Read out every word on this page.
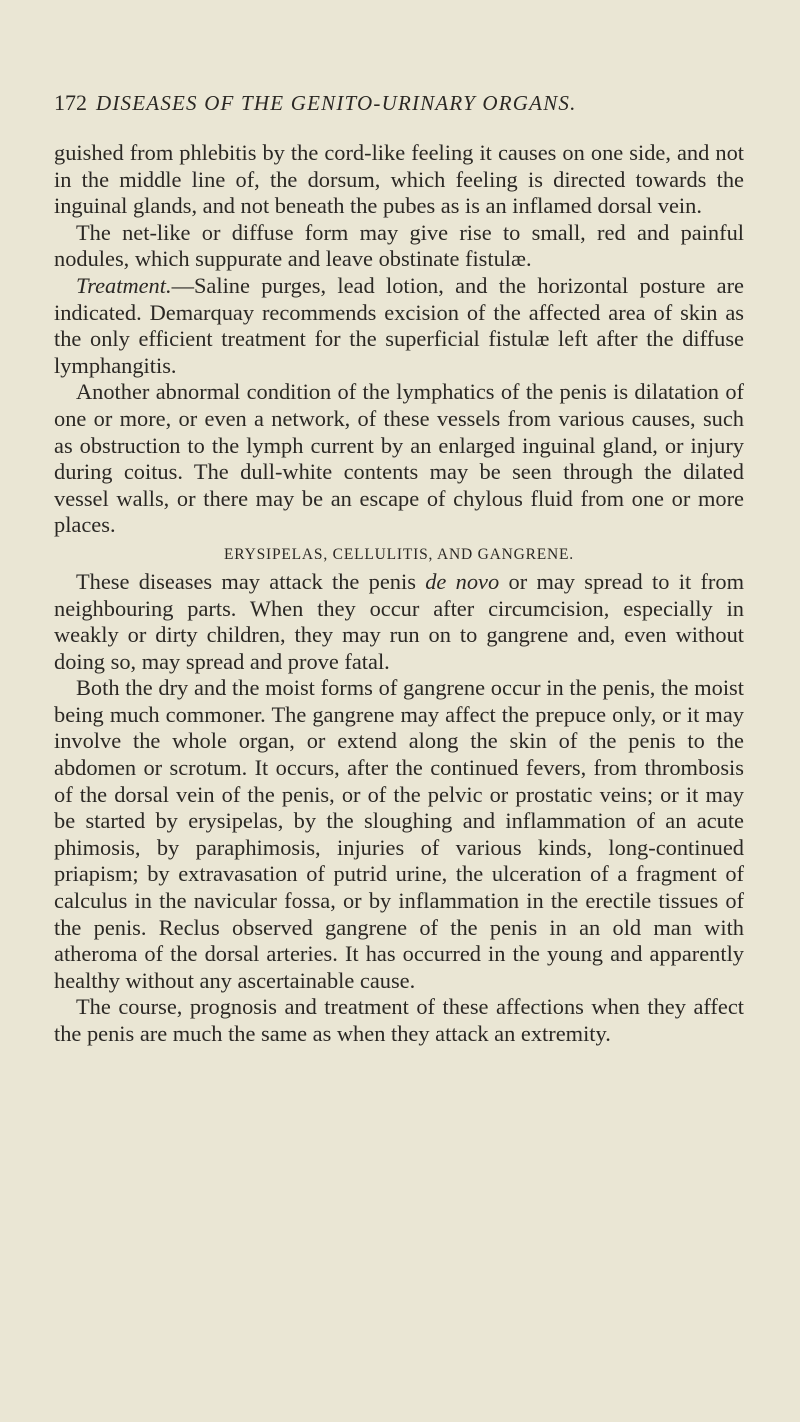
172 DISEASES OF THE GENITO-URINARY ORGANS.

guished from phlebitis by the cord-like feeling it causes on one side, and not in the middle line of, the dorsum, which feeling is directed towards the inguinal glands, and not beneath the pubes as is an inflamed dorsal vein.

The net-like or diffuse form may give rise to small, red and painful nodules, which suppurate and leave obstinate fistulæ.

Treatment.—Saline purges, lead lotion, and the horizontal posture are indicated. Demarquay recommends excision of the affected area of skin as the only efficient treatment for the superficial fistulæ left after the diffuse lymphangitis.

Another abnormal condition of the lymphatics of the penis is dilatation of one or more, or even a network, of these vessels from various causes, such as obstruction to the lymph current by an enlarged inguinal gland, or injury during coitus. The dull-white contents may be seen through the dilated vessel walls, or there may be an escape of chylous fluid from one or more places.

ERYSIPELAS, CELLULITIS, AND GANGRENE.

These diseases may attack the penis de novo or may spread to it from neighbouring parts. When they occur after circumcision, especially in weakly or dirty children, they may run on to gangrene and, even without doing so, may spread and prove fatal.

Both the dry and the moist forms of gangrene occur in the penis, the moist being much commoner. The gangrene may affect the prepuce only, or it may involve the whole organ, or extend along the skin of the penis to the abdomen or scrotum. It occurs, after the continued fevers, from thrombosis of the dorsal vein of the penis, or of the pelvic or prostatic veins; or it may be started by erysipelas, by the sloughing and inflammation of an acute phimosis, by paraphimosis, injuries of various kinds, long-continued priapism; by extravasation of putrid urine, the ulceration of a fragment of calculus in the navicular fossa, or by inflammation in the erectile tissues of the penis. Reclus observed gangrene of the penis in an old man with atheroma of the dorsal arteries. It has occurred in the young and apparently healthy without any ascertainable cause.

The course, prognosis and treatment of these affections when they affect the penis are much the same as when they attack an extremity.
